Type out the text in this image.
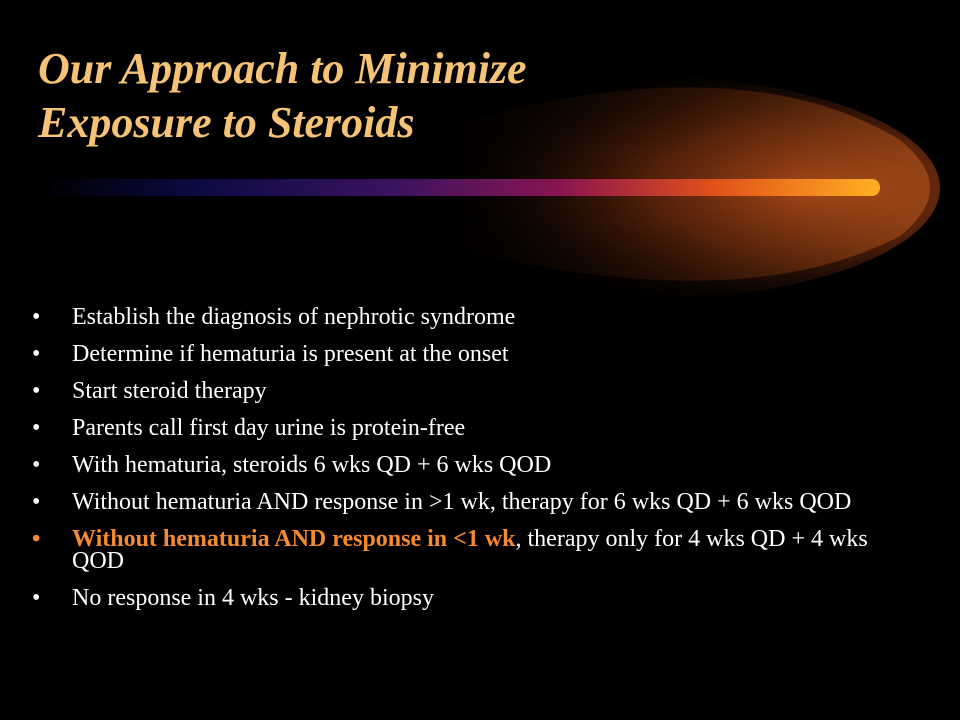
Our Approach to Minimize
Exposure to Steroids
• Establish the diagnosis of nephrotic syndrome
• Determine if hematuria is present at the onset
• Start steroid therapy
• Parents call first day urine is protein-free
• With hematuria, steroids 6 wks QD + 6 wks QOD
• Without hematuria AND response in >1 wk, therapy for 6 wks QD + 6 wks QOD
• Without hematuria AND response in <1 wk, therapy only for 4 wks QD + 4 wks QOD
• No response in 4 wks - kidney biopsy
